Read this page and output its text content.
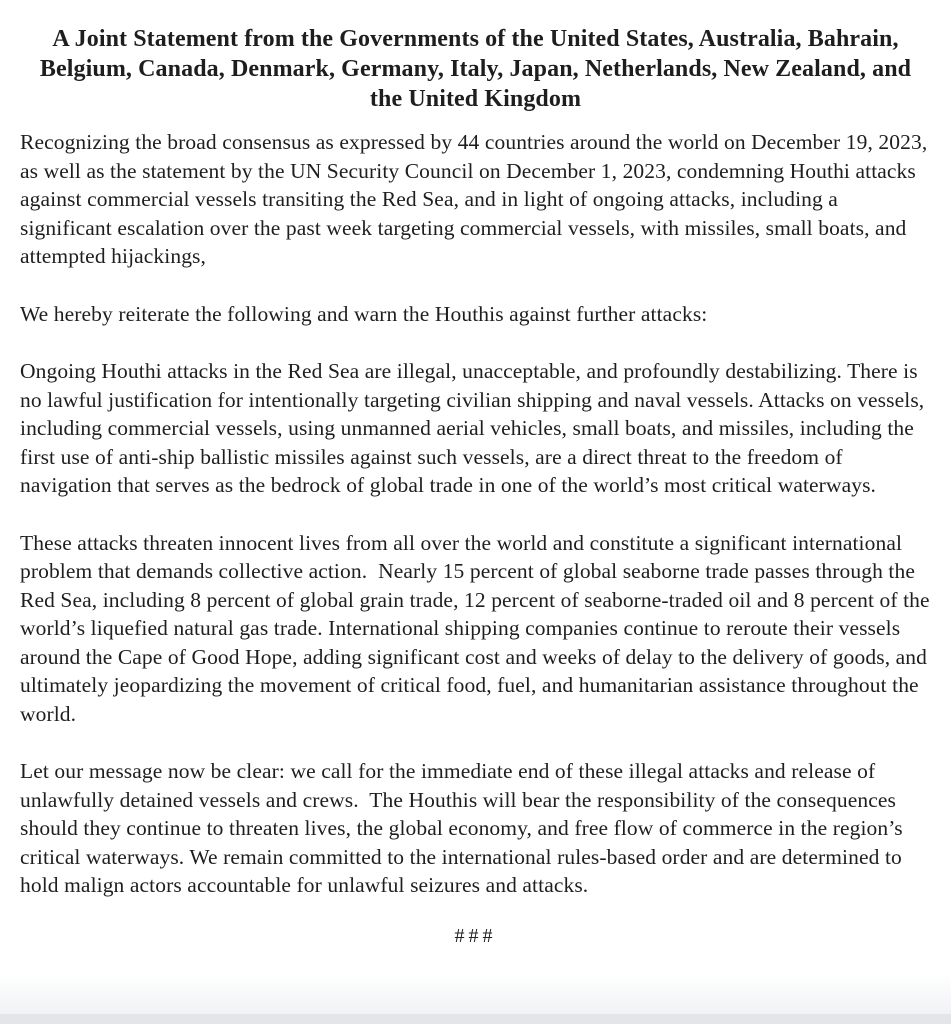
A Joint Statement from the Governments of the United States, Australia, Bahrain, Belgium, Canada, Denmark, Germany, Italy, Japan, Netherlands, New Zealand, and the United Kingdom

Recognizing the broad consensus as expressed by 44 countries around the world on December 19, 2023, as well as the statement by the UN Security Council on December 1, 2023, condemning Houthi attacks against commercial vessels transiting the Red Sea, and in light of ongoing attacks, including a significant escalation over the past week targeting commercial vessels, with missiles, small boats, and attempted hijackings,

We hereby reiterate the following and warn the Houthis against further attacks:

Ongoing Houthi attacks in the Red Sea are illegal, unacceptable, and profoundly destabilizing. There is no lawful justification for intentionally targeting civilian shipping and naval vessels. Attacks on vessels, including commercial vessels, using unmanned aerial vehicles, small boats, and missiles, including the first use of anti-ship ballistic missiles against such vessels, are a direct threat to the freedom of navigation that serves as the bedrock of global trade in one of the world’s most critical waterways.

These attacks threaten innocent lives from all over the world and constitute a significant international problem that demands collective action.  Nearly 15 percent of global seaborne trade passes through the Red Sea, including 8 percent of global grain trade, 12 percent of seaborne-traded oil and 8 percent of the world’s liquefied natural gas trade. International shipping companies continue to reroute their vessels around the Cape of Good Hope, adding significant cost and weeks of delay to the delivery of goods, and ultimately jeopardizing the movement of critical food, fuel, and humanitarian assistance throughout the world.

Let our message now be clear: we call for the immediate end of these illegal attacks and release of unlawfully detained vessels and crews.  The Houthis will bear the responsibility of the consequences should they continue to threaten lives, the global economy, and free flow of commerce in the region’s critical waterways. We remain committed to the international rules-based order and are determined to hold malign actors accountable for unlawful seizures and attacks.

###
